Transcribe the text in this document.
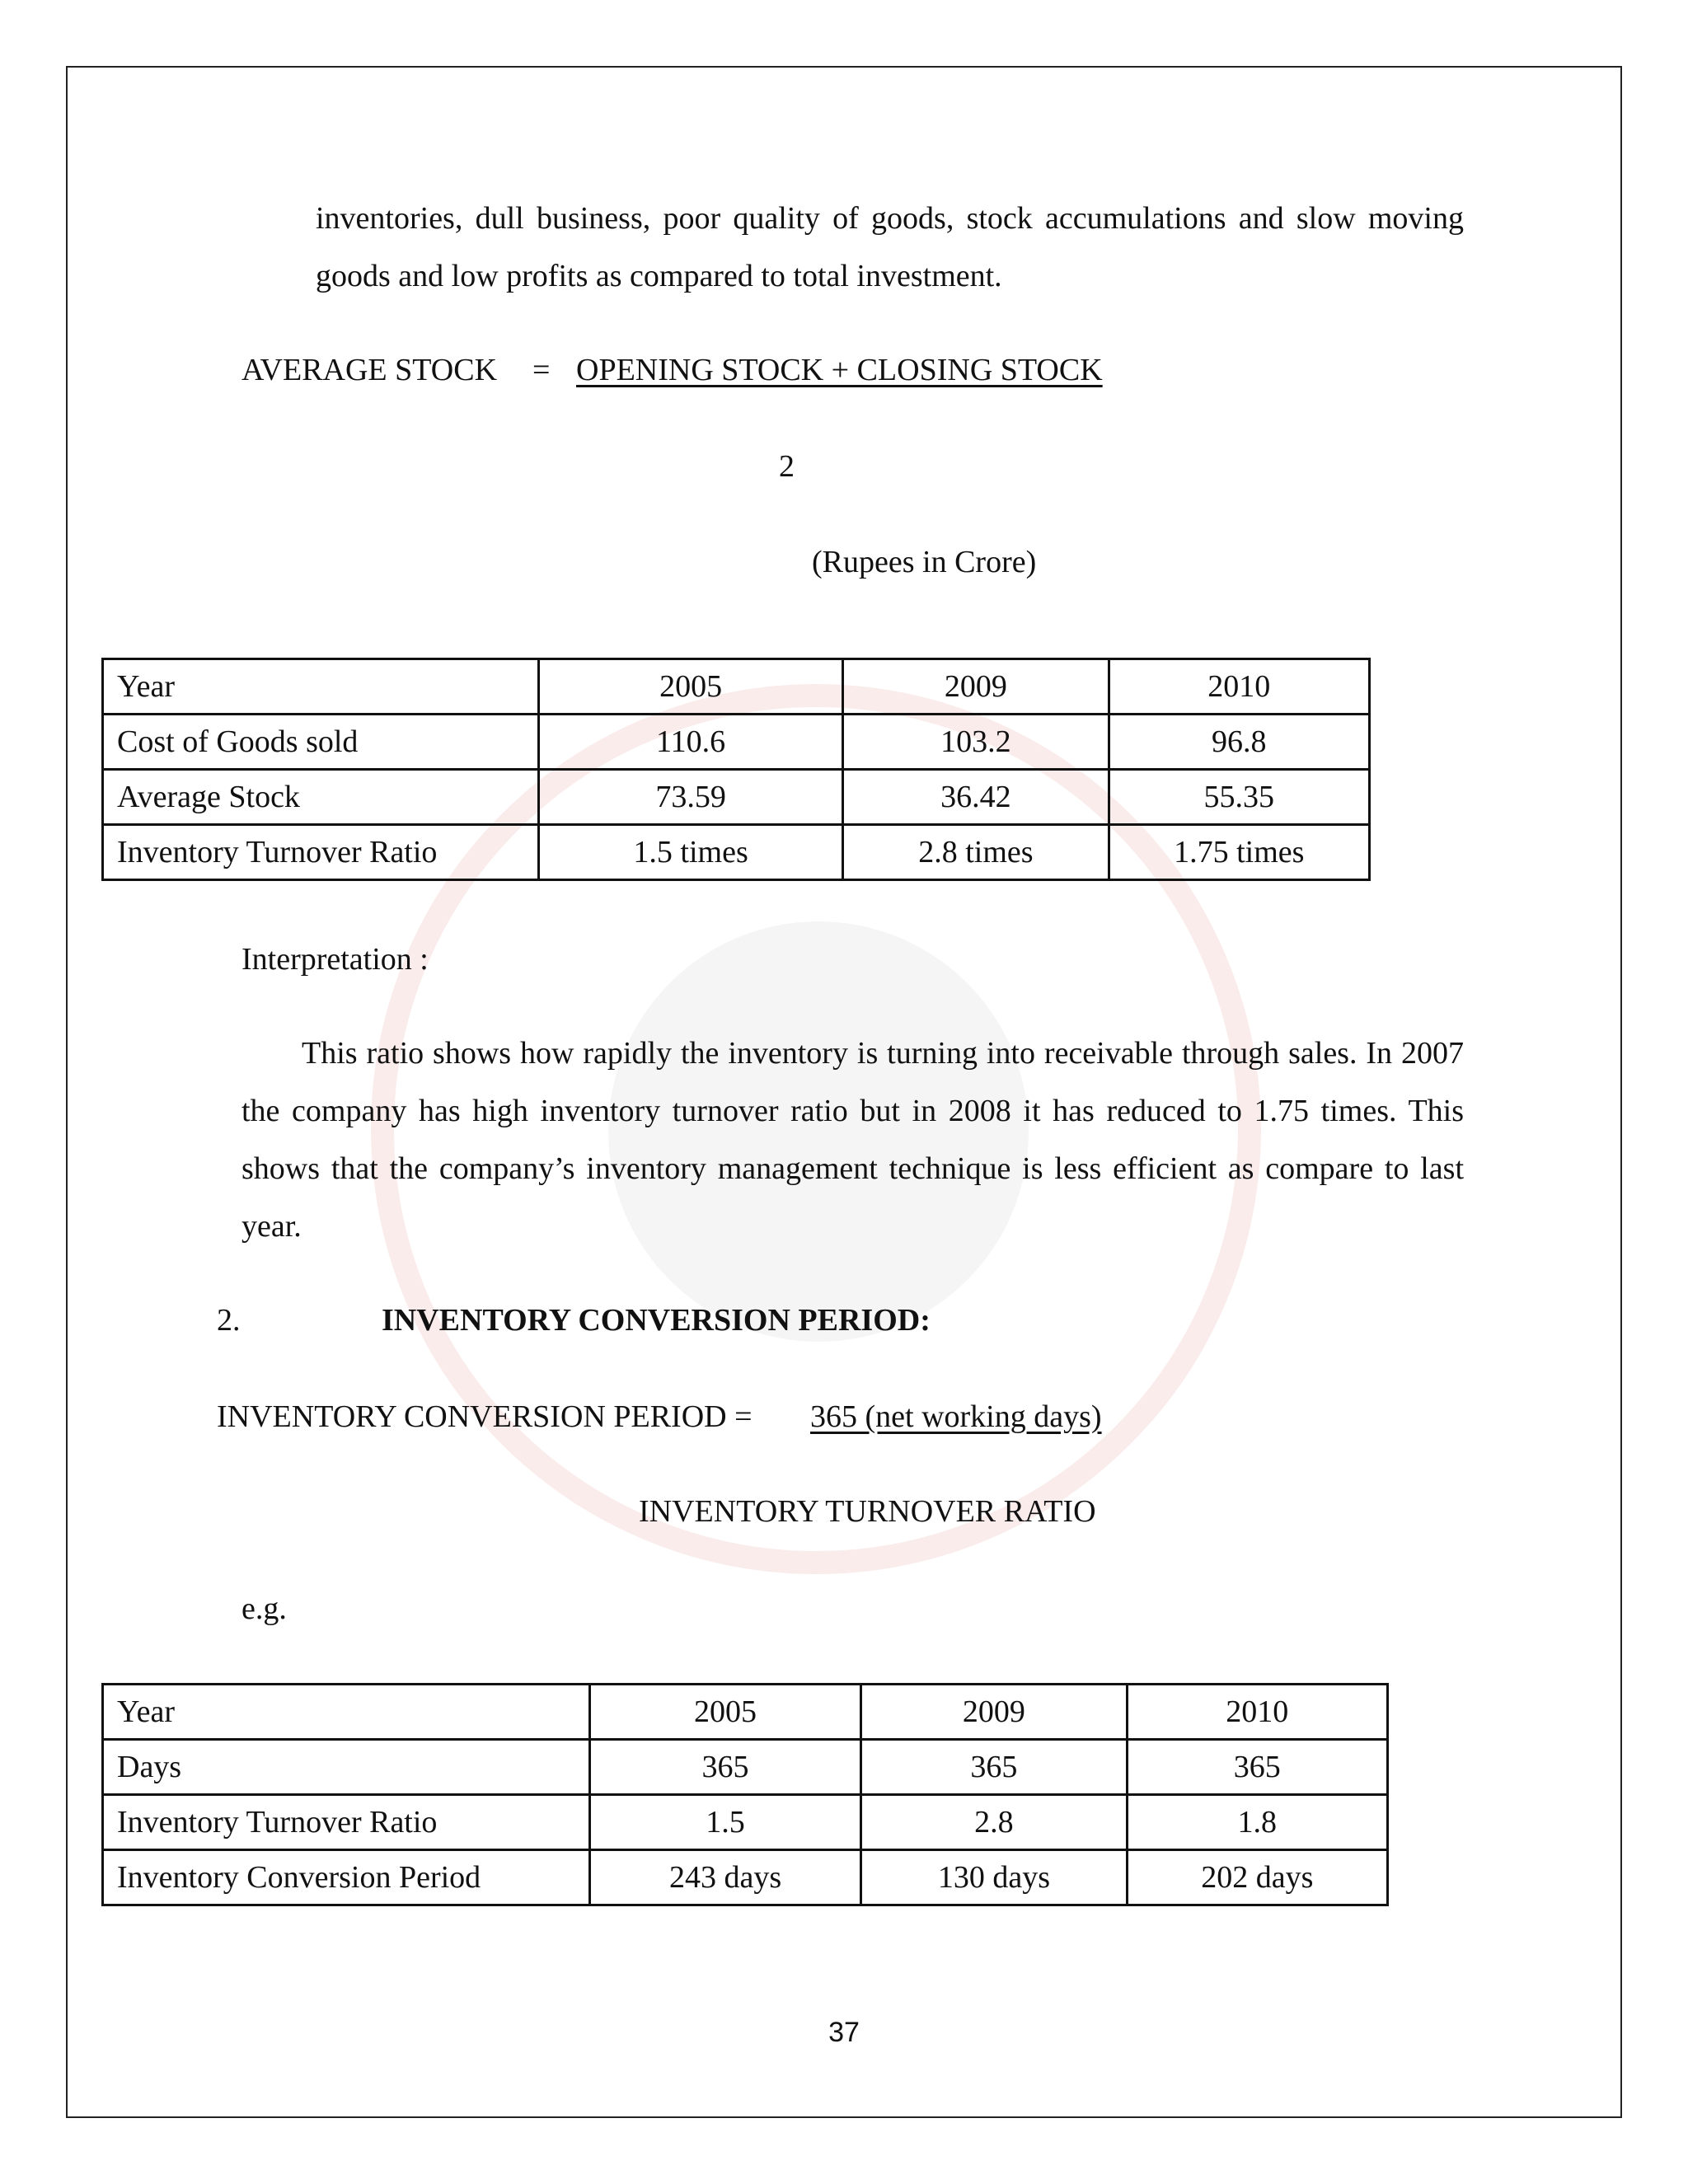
inventories, dull business, poor quality of goods, stock accumulations and slow moving goods and low profits as compared to total investment.
AVERAGE STOCK = OPENING STOCK + CLOSING STOCK
2
(Rupees in Crore)
Year	2005	2009	2010
Cost of Goods sold	110.6	103.2	96.8
Average Stock	73.59	36.42	55.35
Inventory Turnover Ratio	1.5 times	2.8 times	1.75 times
Interpretation :
This ratio shows how rapidly the inventory is turning into receivable through sales. In 2007 the company has high inventory turnover ratio but in 2008 it has reduced to 1.75 times. This shows that the company’s inventory management technique is less efficient as compare to last year.
2.	INVENTORY CONVERSION PERIOD:
INVENTORY CONVERSION PERIOD = 365 (net working days)
INVENTORY TURNOVER RATIO
e.g.
Year	2005	2009	2010
Days	365	365	365
Inventory Turnover Ratio	1.5	2.8	1.8
Inventory Conversion Period	243 days	130 days	202 days
37
